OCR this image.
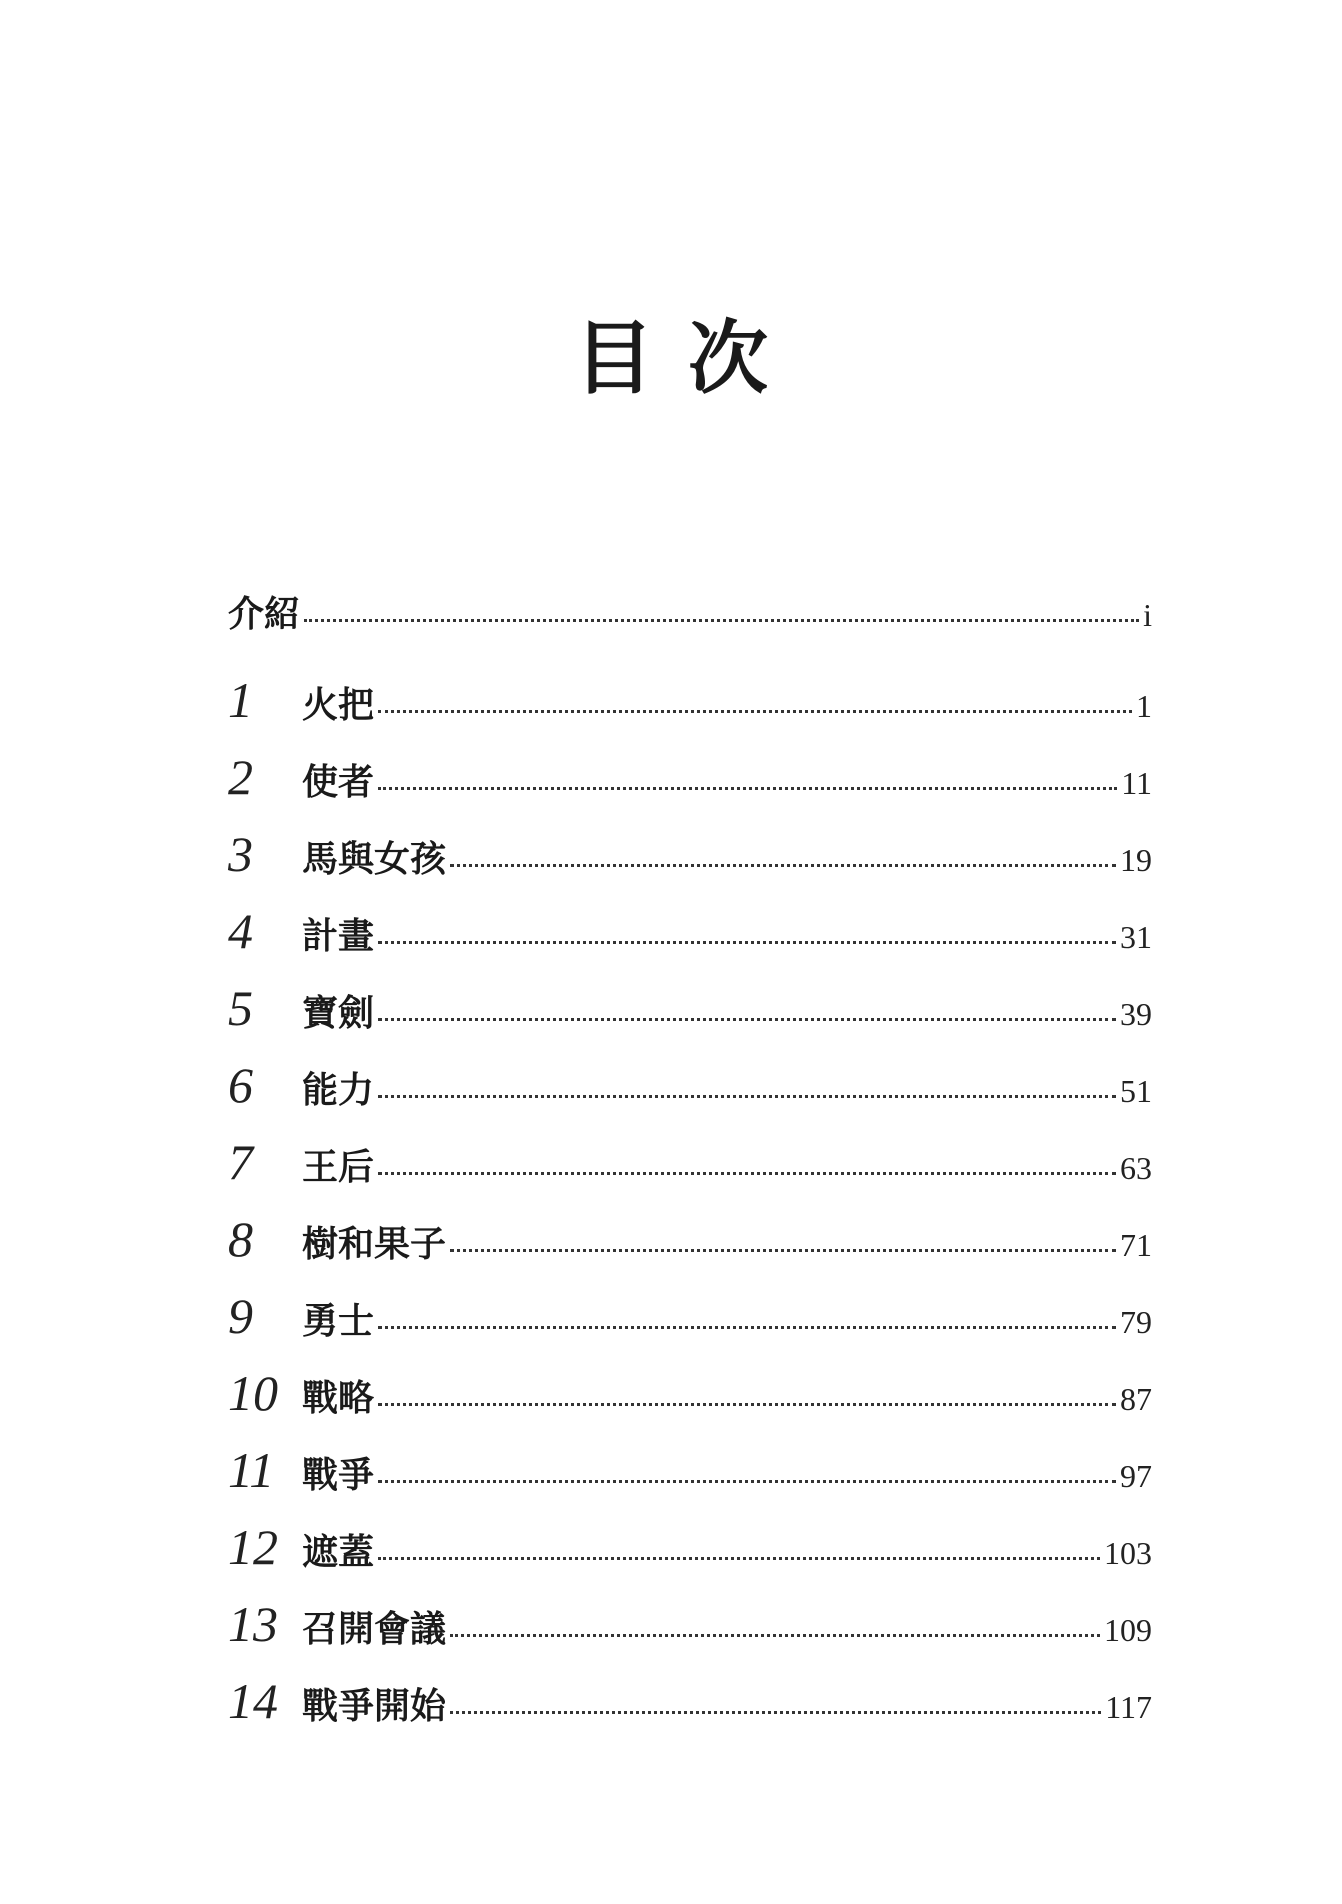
目次
介紹	i
1	火把	1
2	使者	11
3	馬與女孩	19
4	計畫	31
5	寶劍	39
6	能力	51
7	王后	63
8	樹和果子	71
9	勇士	79
10 戰略	87
11 戰爭	97
12 遮蓋	103
13 召開會議	109
14 戰爭開始	117
